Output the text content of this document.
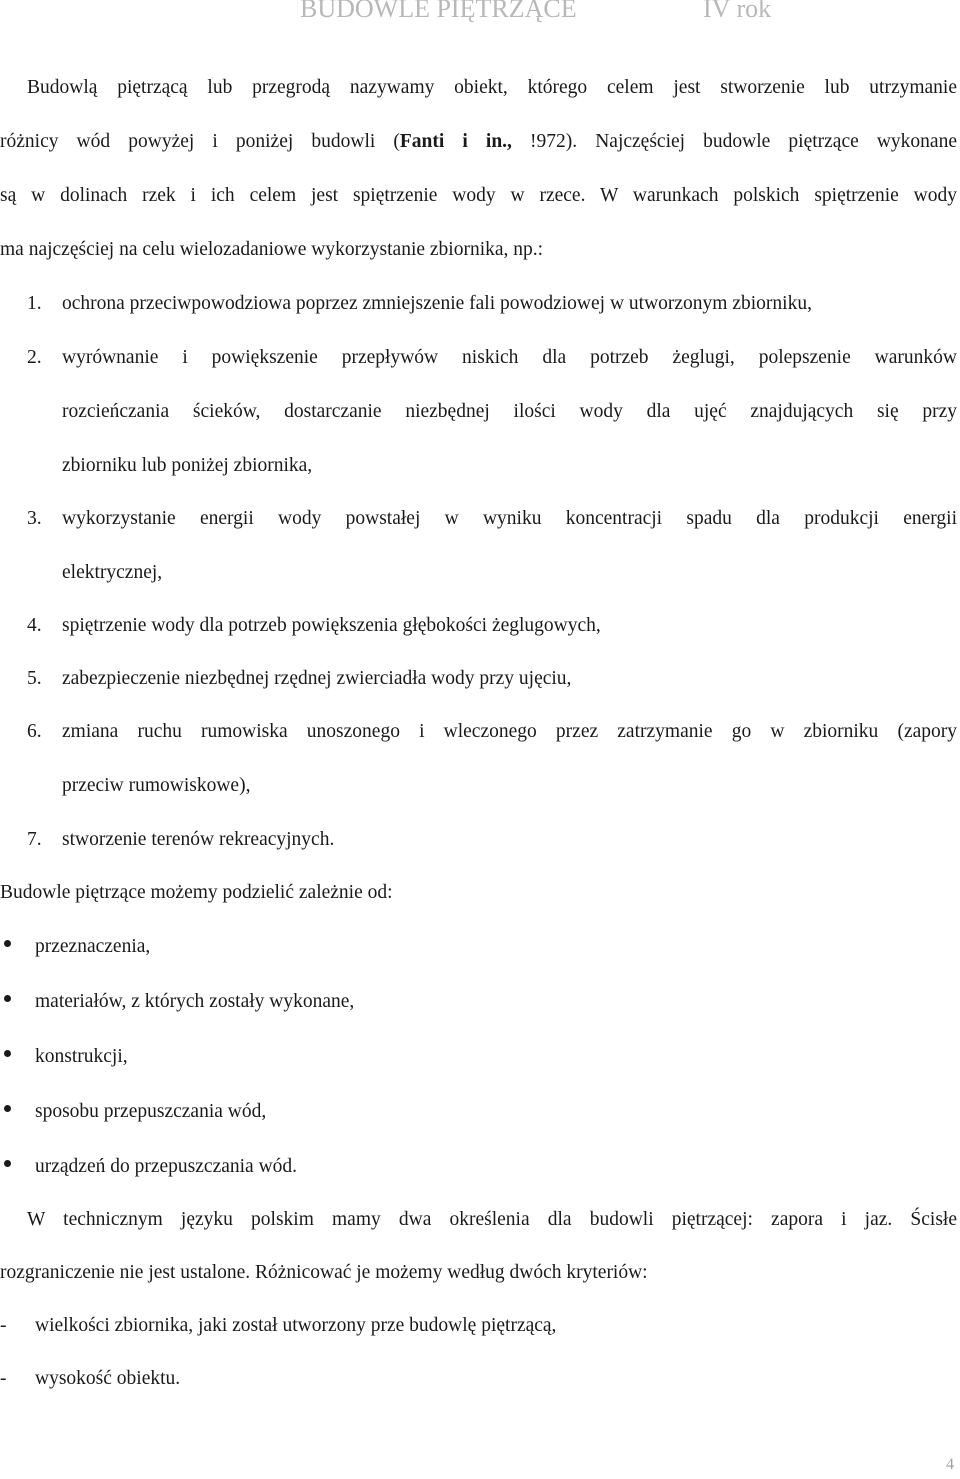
BUDOWLE PIĘTRZĄCE	IV rok
Budowlą piętrzącą lub przegrodą nazywamy obiekt, którego celem jest stworzenie lub utrzymanie
różnicy wód powyżej i poniżej budowli (Fanti i in., !972). Najczęściej budowle piętrzące wykonane
są w dolinach rzek i ich celem jest spiętrzenie wody w rzece. W warunkach polskich spiętrzenie wody
ma najczęściej na celu wielozadaniowe wykorzystanie zbiornika, np.:
1. ochrona przeciwpowodziowa poprzez zmniejszenie fali powodziowej w utworzonym zbiorniku,
2. wyrównanie i powiększenie przepływów niskich dla potrzeb żeglugi, polepszenie warunków
rozcieńczania ścieków, dostarczanie niezbędnej ilości wody dla ujęć znajdujących się przy
zbiorniku lub poniżej zbiornika,
3. wykorzystanie energii wody powstałej w wyniku koncentracji spadu dla produkcji energii
elektrycznej,
4. spiętrzenie wody dla potrzeb powiększenia głębokości żeglugowych,
5. zabezpieczenie niezbędnej rzędnej zwierciadła wody przy ujęciu,
6. zmiana ruchu rumowiska unoszonego i wleczonego przez zatrzymanie go w zbiorniku (zapory
przeciw rumowiskowe),
7. stworzenie terenów rekreacyjnych.
Budowle piętrzące możemy podzielić zależnie od:
przeznaczenia,
materiałów, z których zostały wykonane,
konstrukcji,
sposobu przepuszczania wód,
urządzeń do przepuszczania wód.
W technicznym języku polskim mamy dwa określenia dla budowli piętrzącej: zapora i jaz. Ścisłe
rozgraniczenie nie jest ustalone. Różnicować je możemy według dwóch kryteriów:
- wielkości zbiornika, jaki został utworzony prze budowlę piętrzącą,
- wysokość obiektu.
4
